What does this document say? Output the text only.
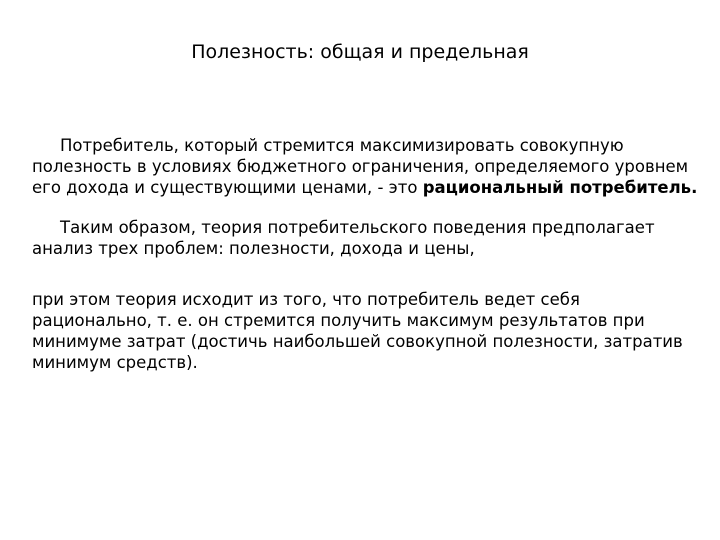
Полезность: общая и предельная

Потребитель, который стремится максимизировать совокупную полезность в условиях бюджетного ограничения, определяемого уровнем его дохода и существующими ценами, - это рациональный потребитель.

Таким образом, теория потребительского поведения предполагает анализ трех проблем: полезности, дохода и цены,

при этом теория исходит из того, что потребитель ведет себя рационально, т. е. он стремится получить максимум результатов при минимуме затрат (достичь наибольшей совокупной полезности, затратив минимум средств).
